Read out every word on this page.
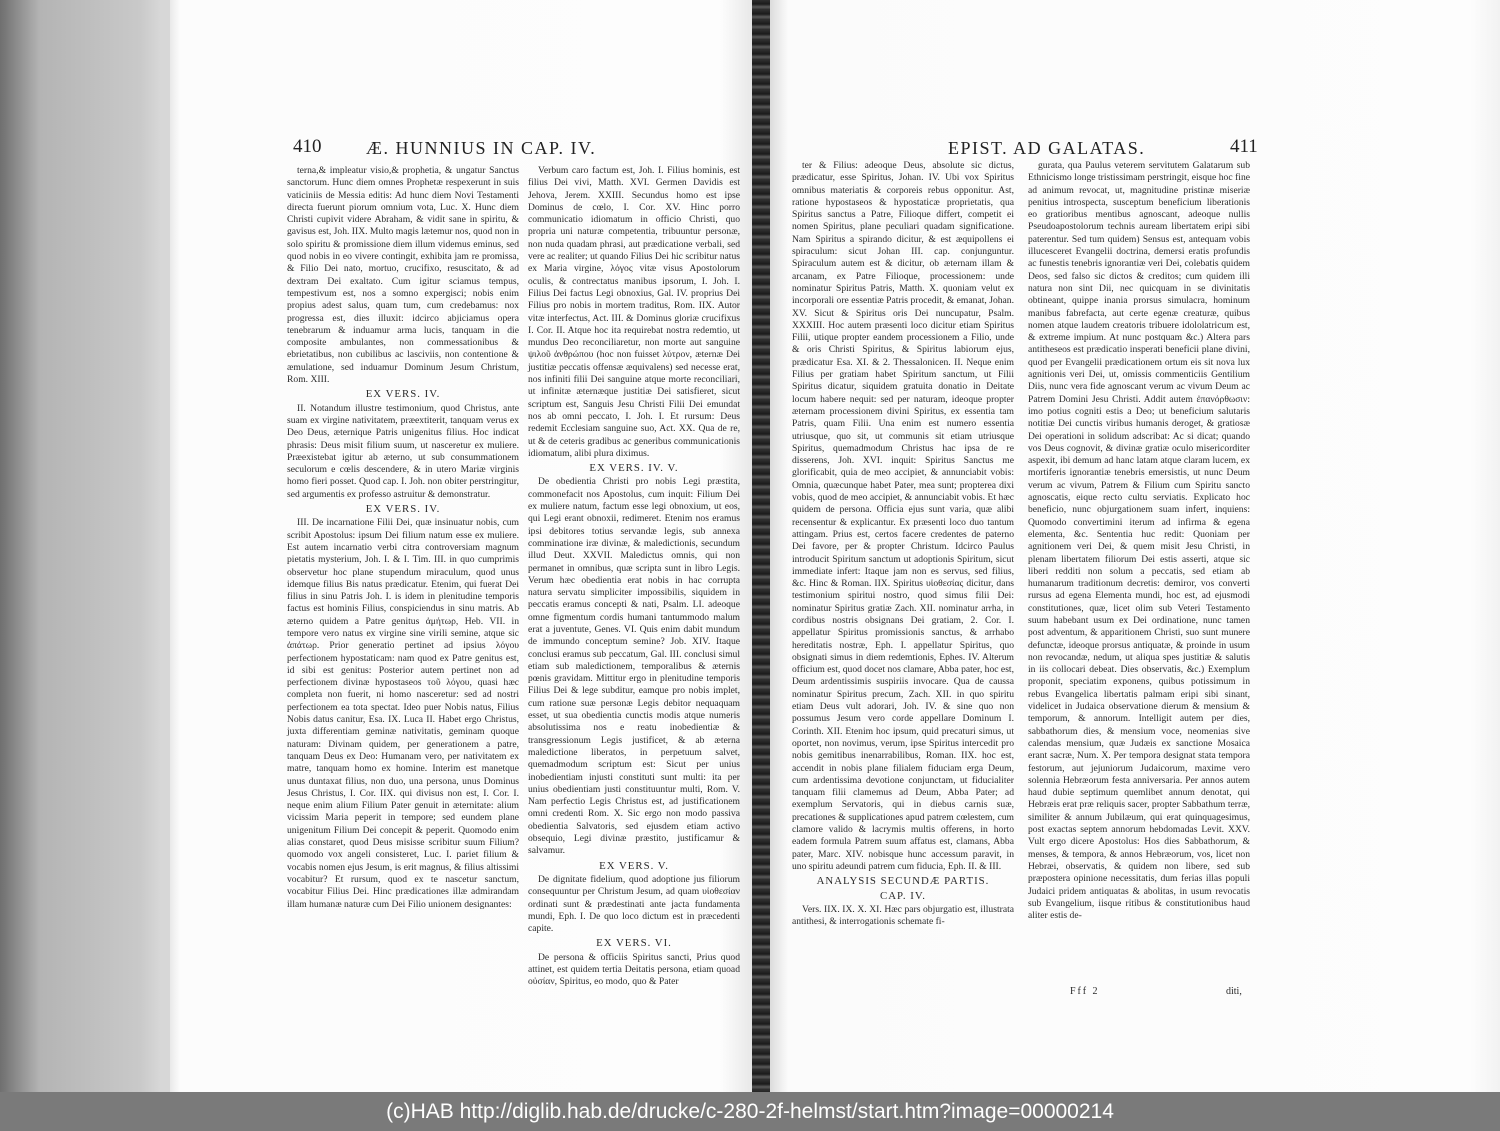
410 Æ. HUNNIUS IN CAP. IV.

terna,& impleatur visio,& prophetia, & ungatur Sanctus sanctorum. Hunc diem omnes Prophetæ respexerunt in suis vaticiniis de Messia editis: Ad hunc diem Novi Testamenti directa fuerunt piorum omnium vota, Luc. X. Hunc diem Christi cupivit videre Abraham, & vidit sane in spiritu, & gavisus est, Joh. IIX. Multo magis lætemur nos, quod non in solo spiritu & promissione diem illum videmus eminus, sed quod nobis in eo vivere contingit, exhibita jam re promissa, & Filio Dei nato, mortuo, crucifixo, resuscitato, & ad dextram Dei exaltato. Cum igitur sciamus tempus, tempestivum est, nos a somno expergisci; nobis enim propius adest salus, quam tum, cum credebamus: nox progressa est, dies illuxit: idcirco abjiciamus opera tenebrarum & induamur arma lucis, tanquam in die composite ambulantes, non commessationibus & ebrietatibus, non cubilibus ac lasciviis, non contentione & æmulatione, sed induamur Dominum Jesum Christum, Rom. XIII.

EX VERS. IV.

II. Notandum illustre testimonium, quod Christus, ante suam ex virgine nativitatem, præextiterit, tanquam verus ex Deo Deus, æternique Patris unigenitus filius. Hoc indicat phrasis: Deus misit filium suum, ut nasceretur ex muliere. Præexistebat igitur ab æterno, ut sub consummationem seculorum e cœlis descendere, & in utero Mariæ virginis homo fieri posset. Quod cap. I. Joh. non obiter perstringitur, sed argumentis ex professo astruitur & demonstratur.

EX VERS. IV.

III. De incarnatione Filii Dei, quæ insinuatur nobis, cum scribit Apostolus: ipsum Dei filium natum esse ex muliere. Est autem incarnatio verbi citra controversiam magnum pietatis mysterium, Joh. I. & I. Tim. III. in quo cumprimis observetur hoc plane stupendum miraculum, quod unus idemque filius Bis natus prædicatur. Etenim, qui fuerat Dei filius in sinu Patris Joh. I. is idem in plenitudine temporis factus est hominis Filius, conspiciendus in sinu matris. Ab æterno quidem a Patre genitus ἀμήτωρ, Heb. VII. in tempore vero natus ex virgine sine virili semine, atque sic ἀπάτωρ. Prior generatio pertinet ad ipsius λόγου perfectionem hypostaticam: nam quod ex Patre genitus est, id sibi est genitus: Posterior autem pertinet non ad perfectionem divinæ hypostaseos τοῦ λόγου, quasi hæc completa non fuerit, ni homo nasceretur: sed ad nostri perfectionem ea tota spectat. Ideo puer Nobis natus, Filius Nobis datus canitur, Esa. IX. Luca II. Habet ergo Christus, juxta differentiam geminæ nativitatis, geminam quoque naturam: Divinam quidem, per generationem a patre, tanquam Deus ex Deo: Humanam vero, per nativitatem ex matre, tanquam homo ex homine. Interim est manetque unus duntaxat filius, non duo, una persona, unus Dominus Jesus Christus, I. Cor. IIX. qui divisus non est, I. Cor. I. neque enim alium Filium Pater genuit in æternitate: alium vicissim Maria peperit in tempore; sed eundem plane unigenitum Filium Dei concepit & peperit. Quomodo enim alias constaret, quod Deus misisse scribitur suum Filium? quomodo vox angeli consisteret, Luc. I. pariet filium & vocabis nomen ejus Jesum, is erit magnus, & filius altissimi vocabitur? Et rursum, quod ex te nascetur sanctum, vocabitur Filius Dei. Hinc prædicationes illæ admirandam illam humanæ naturæ cum Dei Filio unionem designantes:

Verbum caro factum est, Joh. I. Filius hominis, est filius Dei vivi, Matth. XVI. Germen Davidis est Jehova, Jerem. XXIII. Secundus homo est ipse Dominus de cœlo, I. Cor. XV. Hinc porro communicatio idiomatum in officio Christi, quo propria uni naturæ competentia, tribuuntur personæ, non nuda quadam phrasi, aut prædicatione verbali, sed vere ac realiter; ut quando Filius Dei hic scribitur natus ex Maria virgine, λόγος vitæ visus Apostolorum oculis, & contrectatus manibus ipsorum, I. Joh. I. Filius Dei factus Legi obnoxius, Gal. IV. proprius Dei Filius pro nobis in mortem traditus, Rom. IIX. Autor vitæ interfectus, Act. III. & Dominus gloriæ crucifixus I. Cor. II. Atque hoc ita requirebat nostra redemtio, ut mundus Deo reconciliaretur, non morte aut sanguine ψιλοῦ ἀνθρώπου (hoc non fuisset λύτρον, æternæ Dei justitiæ peccatis offensæ æquivalens) sed necesse erat, nos infiniti filii Dei sanguine atque morte reconciliari, ut infinitæ æternæque justitiæ Dei satisfieret, sicut scriptum est, Sanguis Jesu Christi Filii Dei emundat nos ab omni peccato, I. Joh. I. Et rursum: Deus redemit Ecclesiam sanguine suo, Act. XX. Qua de re, ut & de ceteris gradibus ac generibus communicationis idiomatum, alibi plura diximus.

EX VERS. IV. V.

De obedientia Christi pro nobis Legi præstita, commonefacit nos Apostolus, cum inquit: Filium Dei ex muliere natum, factum esse legi obnoxium, ut eos, qui Legi erant obnoxii, redimeret. Etenim nos eramus ipsi debitores totius servandæ legis, sub annexa comminatione iræ divinæ, & maledictionis, secundum illud Deut. XXVII. Maledictus omnis, qui non permanet in omnibus, quæ scripta sunt in libro Legis. Verum hæc obedientia erat nobis in hac corrupta natura servatu simpliciter impossibilis, siquidem in peccatis eramus concepti & nati, Psalm. LI. adeoque omne figmentum cordis humani tantummodo malum erat a juventute, Genes. VI. Quis enim dabit mundum de immundo conceptum semine? Job. XIV. Itaque conclusi eramus sub peccatum, Gal. III. conclusi simul etiam sub maledictionem, temporalibus & æternis pœnis gravidam. Mittitur ergo in plenitudine temporis Filius Dei & lege subditur, eamque pro nobis implet, cum ratione suæ personæ Legis debitor nequaquam esset, ut sua obedientia cunctis modis atque numeris absolutissima nos e reatu inobedientiæ & transgressionum Legis justificet, & ab æterna maledictione liberatos, in perpetuum salvet, quemadmodum scriptum est: Sicut per unius inobedientiam injusti constituti sunt multi: ita per unius obedientiam justi constituuntur multi, Rom. V. Nam perfectio Legis Christus est, ad justificationem omni credenti Rom. X. Sic ergo non modo passiva obedientia Salvatoris, sed ejusdem etiam activo obsequio, Legi divinæ præstito, justificamur & salvamur.

EX VERS. V.

De dignitate fidelium, quod adoptione jus filiorum consequuntur per Christum Jesum, ad quam υἱοθεσίαν ordinati sunt & prædestinati ante jacta fundamenta mundi, Eph. I. De quo loco dictum est in præcedenti capite.

EX VERS. VI.

De persona & officiis Spiritus sancti, Prius quod attinet, est quidem tertia Deitatis persona, etiam quoad οὐσίαν, Spiritus, eo modo, quo & Pater

EPIST. AD GALATAS.	411

ter & Filius: adeoque Deus, absolute sic dictus, prædicatur, esse Spiritus, Johan. IV. Ubi vox Spiritus omnibus materiatis & corporeis rebus opponitur. Ast, ratione hypostaseos & hypostaticæ proprietatis, qua Spiritus sanctus a Patre, Filioque differt, competit ei nomen Spiritus, plane peculiari quadam significatione. Nam Spiritus a spirando dicitur, & est æquipollens ei spiraculum: sicut Johan III. cap. conjunguntur. Spiraculum autem est & dicitur, ob æternam illam & arcanam, ex Patre Filioque, processionem: unde nominatur Spiritus Patris, Matth. X. quoniam velut ex incorporali ore essentiæ Patris procedit, & emanat, Johan. XV. Sicut & Spiritus oris Dei nuncupatur, Psalm. XXXIII. Hoc autem præsenti loco dicitur etiam Spiritus Filii, utique propter eandem processionem a Filio, unde & oris Christi Spiritus, & Spiritus labiorum ejus, prædicatur Esa. XI. & 2. Thessalonicen. II. Neque enim Filius per gratiam habet Spiritum sanctum, ut Filii Spiritus dicatur, siquidem gratuita donatio in Deitate locum habere nequit: sed per naturam, ideoque propter æternam processionem divini Spiritus, ex essentia tam Patris, quam Filii. Una enim est numero essentia utriusque, quo sit, ut communis sit etiam utriusque Spiritus, quemadmodum Christus hac ipsa de re disserens, Joh. XVI. inquit: Spiritus Sanctus me glorificabit, quia de meo accipiet, & annunciabit vobis: Omnia, quæcunque habet Pater, mea sunt; propterea dixi vobis, quod de meo accipiet, & annunciabit vobis. Et hæc quidem de persona. Officia ejus sunt varia, quæ alibi recensentur & explicantur. Ex præsenti loco duo tantum attingam. Prius est, certos facere credentes de paterno Dei favore, per & propter Christum. Idcirco Paulus introducit Spiritum sanctum ut adoptionis Spiritum, sicut immediate infert: Itaque jam non es servus, sed filius, &c. Hinc & Roman. IIX. Spiritus υἱοθεσίας dicitur, dans testimonium spiritui nostro, quod simus filii Dei: nominatur Spiritus gratiæ Zach. XII. nominatur arrha, in cordibus nostris obsignans Dei gratiam, 2. Cor. I. appellatur Spiritus promissionis sanctus, & arrhabo hereditatis nostræ, Eph. I. appellatur Spiritus, quo obsignati simus in diem redemtionis, Ephes. IV. Alterum officium est, quod docet nos clamare, Abba pater, hoc est, Deum ardentissimis suspiriis invocare. Qua de caussa nominatur Spiritus precum, Zach. XII. in quo spiritu etiam Deus vult adorari, Joh. IV. & sine quo non possumus Jesum vero corde appellare Dominum I. Corinth. XII. Etenim hoc ipsum, quid precaturi simus, ut oportet, non novimus, verum, ipse Spiritus intercedit pro nobis gemitibus inenarrabilibus, Roman. IIX. hoc est, accendit in nobis plane filialem fiduciam erga Deum, cum ardentissima devotione conjunctam, ut fiducialiter tanquam filii clamemus ad Deum, Abba Pater; ad exemplum Servatoris, qui in diebus carnis suæ, precationes & supplicationes apud patrem cœlestem, cum clamore valido & lacrymis multis offerens, in horto eadem formula Patrem suum affatus est, clamans, Abba pater, Marc. XIV. nobisque hunc accessum paravit, in uno spiritu adeundi patrem cum fiducia, Eph. II. & III.

ANALYSIS SECUNDÆ PARTIS.

CAP. IV.

Vers. IIX. IX. X. XI. Hæc pars objurgatio est, illustrata antithesi, & interrogationis schemate fi-

gurata, qua Paulus veterem servitutem Galatarum sub Ethnicismo longe tristissimam perstringit, eisque hoc fine ad animum revocat, ut, magnitudine pristinæ miseriæ penitius introspecta, susceptum beneficium liberationis eo gratioribus mentibus agnoscant, adeoque nullis Pseudoapostolorum technis auream libertatem eripi sibi paterentur. Sed tum quidem) Sensus est, antequam vobis illucesceret Evangelii doctrina, demersi eratis profundis ac funestis tenebris ignorantiæ veri Dei, colebatis quidem Deos, sed falso sic dictos & creditos; cum quidem illi natura non sint Dii, nec quicquam in se divinitatis obtineant, quippe inania prorsus simulacra, hominum manibus fabrefacta, aut certe egenæ creaturæ, quibus nomen atque laudem creatoris tribuere idololatricum est, & extreme impium. At nunc postquam &c.) Altera pars antitheseos est prædicatio insperati beneficii plane divini, quod per Evangelii prædicationem ortum eis sit nova lux agnitionis veri Dei, ut, omissis commenticiis Gentilium Diis, nunc vera fide agnoscant verum ac vivum Deum ac Patrem Domini Jesu Christi. Addit autem ἐπανόρθωσιν: imo potius cogniti estis a Deo; ut beneficium salutaris notitiæ Dei cunctis viribus humanis deroget, & gratiosæ Dei operationi in solidum adscribat: Ac si dicat; quando vos Deus cognovit, & divinæ gratiæ oculo misericorditer aspexit, ibi demum ad hanc latam atque claram lucem, ex mortiferis ignorantiæ tenebris emersistis, ut nunc Deum verum ac vivum, Patrem & Filium cum Spiritu sancto agnoscatis, eique recto cultu serviatis. Explicato hoc beneficio, nunc objurgationem suam infert, inquiens: Quomodo convertimini iterum ad infirma & egena elementa, &c. Sententia huc redit: Quoniam per agnitionem veri Dei, & quem misit Jesu Christi, in plenam libertatem filiorum Dei estis asserti, atque sic liberi redditi non solum a peccatis, sed etiam ab humanarum traditionum decretis: demiror, vos converti rursus ad egena Elementa mundi, hoc est, ad ejusmodi constitutiones, quæ, licet olim sub Veteri Testamento suum habebant usum ex Dei ordinatione, nunc tamen post adventum, & apparitionem Christi, suo sunt munere defunctæ, ideoque prorsus antiquatæ, & proinde in usum non revocandæ, nedum, ut aliqua spes justitiæ & salutis in iis collocari debeat. Dies observatis, &c.) Exemplum proponit, speciatim exponens, quibus potissimum in rebus Evangelica libertatis palmam eripi sibi sinant, videlicet in Judaica observatione dierum & mensium & temporum, & annorum. Intelligit autem per dies, sabbathorum dies, & mensium voce, neomenias sive calendas mensium, quæ Judæis ex sanctione Mosaica erant sacræ, Num. X. Per tempora designat stata tempora festorum, aut jejuniorum Judaicorum, maxime vero solennia Hebræorum festa anniversaria. Per annos autem haud dubie septimum quemlibet annum denotat, qui Hebræis erat præ reliquis sacer, propter Sabbathum terræ, similiter & annum Jubilæum, qui erat quinquagesimus, post exactas septem annorum hebdomadas Levit. XXV. Vult ergo dicere Apostolus: Hos dies Sabbathorum, & menses, & tempora, & annos Hebræorum, vos, licet non Hebræi, observatis, & quidem non libere, sed sub præpostera opinione necessitatis, dum ferias illas populi Judaici pridem antiquatas & abolitas, in usum revocatis sub Evangelium, iisque ritibus & constitutionibus haud aliter estis de-

Fff 2	diti,
(c)HAB http://diglib.hab.de/drucke/c-280-2f-helmst/start.htm?image=00000214
